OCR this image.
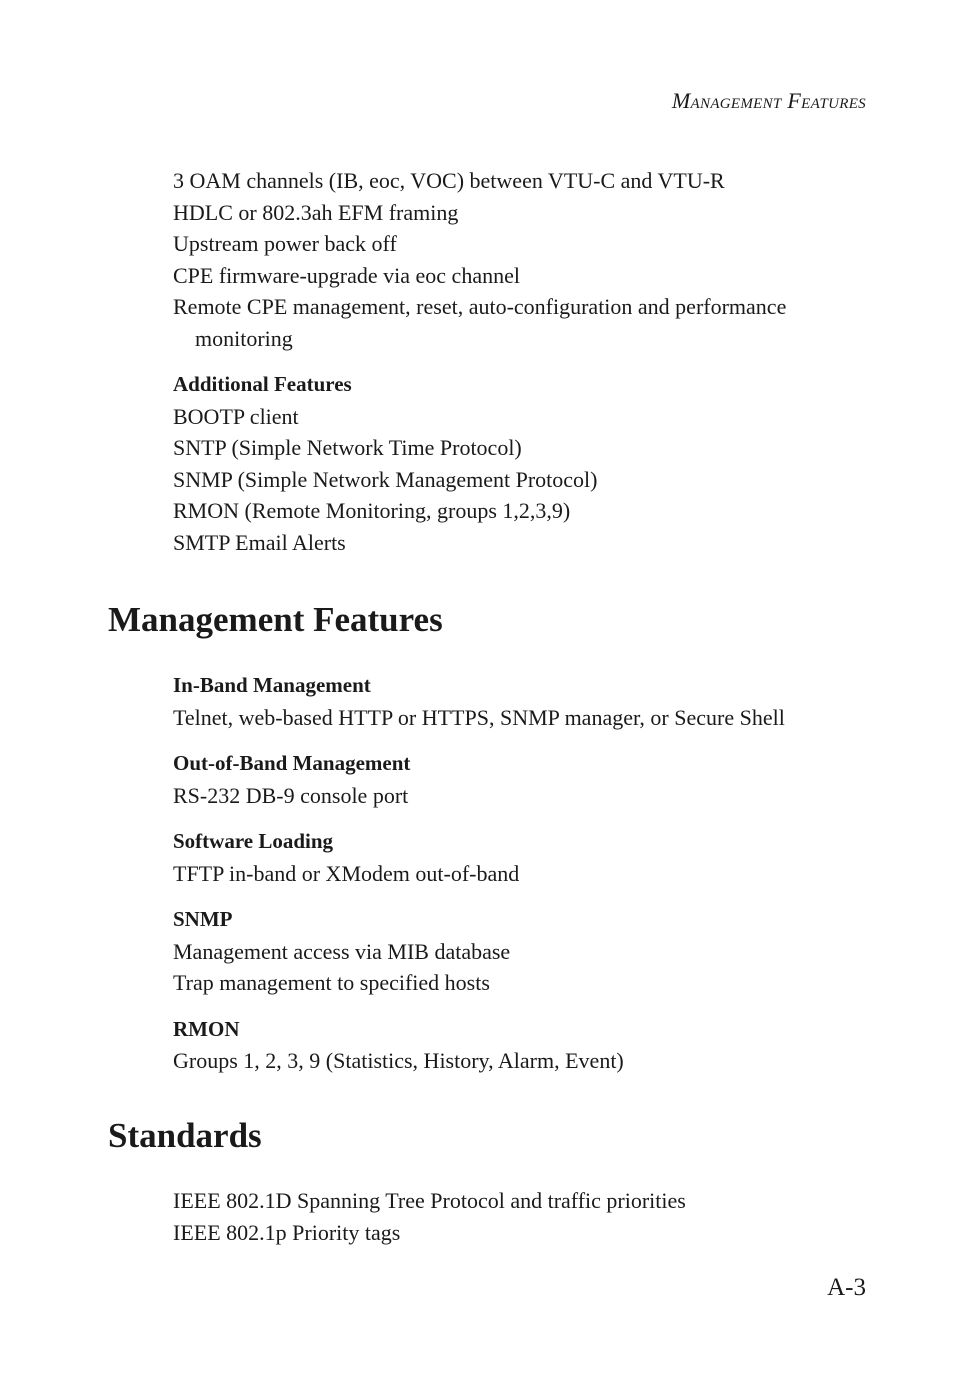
Management Features
3 OAM channels (IB, eoc, VOC) between VTU-C and VTU-R
HDLC or 802.3ah EFM framing
Upstream power back off
CPE firmware-upgrade via eoc channel
Remote CPE management, reset, auto-configuration and performance monitoring
Additional Features
BOOTP client
SNTP (Simple Network Time Protocol)
SNMP (Simple Network Management Protocol)
RMON (Remote Monitoring, groups 1,2,3,9)
SMTP Email Alerts
Management Features
In-Band Management
Telnet, web-based HTTP or HTTPS, SNMP manager, or Secure Shell
Out-of-Band Management
RS-232 DB-9 console port
Software Loading
TFTP in-band or XModem out-of-band
SNMP
Management access via MIB database
Trap management to specified hosts
RMON
Groups 1, 2, 3, 9 (Statistics, History, Alarm, Event)
Standards
IEEE 802.1D Spanning Tree Protocol and traffic priorities
IEEE 802.1p Priority tags
A-3
